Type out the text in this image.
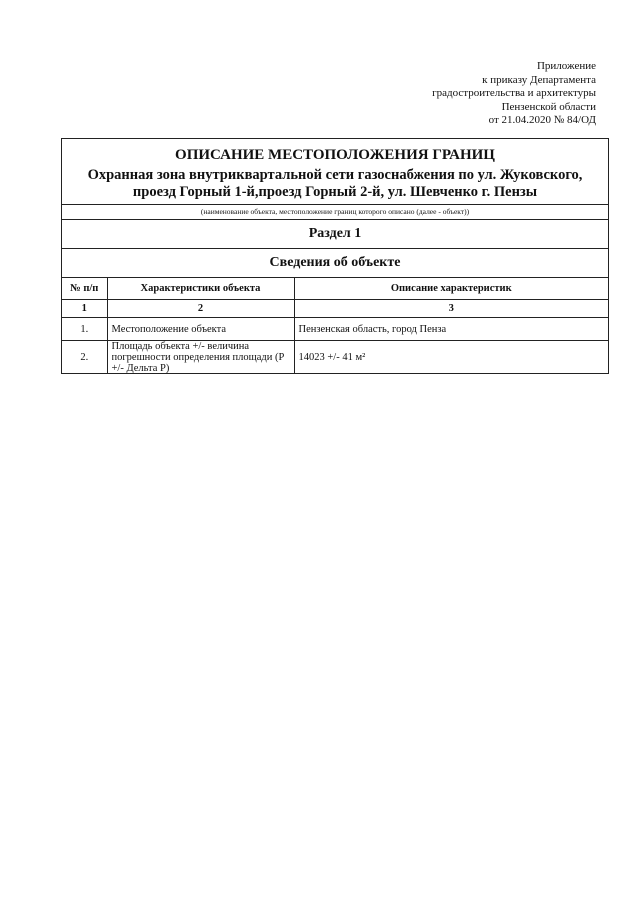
Приложение
к приказу Департамента
градостроительства и архитектуры
Пензенской области
от 21.04.2020 № 84/ОД
ОПИСАНИЕ МЕСТОПОЛОЖЕНИЯ ГРАНИЦ
Охранная зона внутриквартальной сети газоснабжения по ул. Жуковского,
проезд Горный 1-й,проезд Горный 2-й, ул. Шевченко г. Пензы
(наименование объекта, местоположение границ которого описано (далее - объект))
Раздел 1
Сведения об объекте
№ п/п	Характеристики объекта	Описание характеристик
1	2	3
1.	Местоположение объекта	Пензенская область, город Пенза
2.	Площадь объекта +/- величина погрешности определения площади (Р +/- Дельта Р)	14023 +/- 41 м²
